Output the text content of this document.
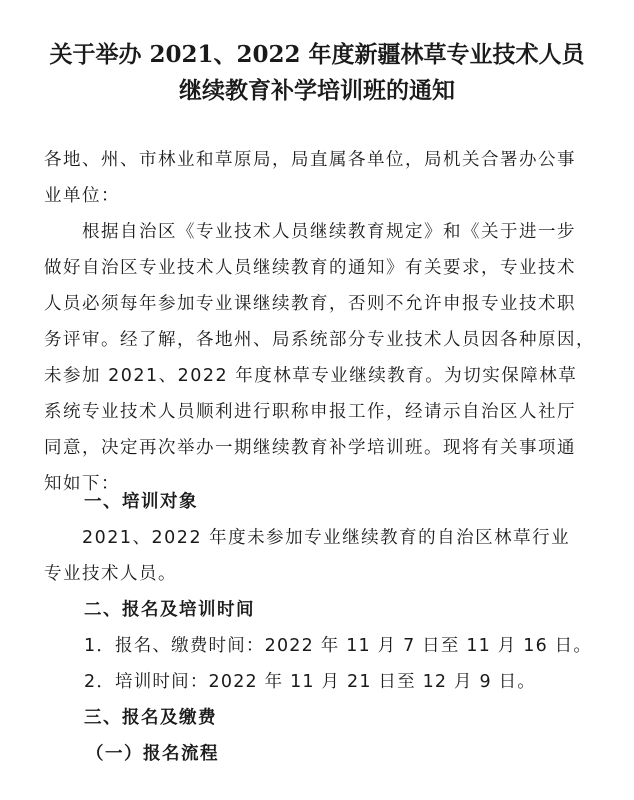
关于举办 2021、2022 年度新疆林草专业技术人员
继续教育补学培训班的通知
各地、州、市林业和草原局，局直属各单位，局机关合署办公事
业单位：
根据自治区《专业技术人员继续教育规定》和《关于进一步
做好自治区专业技术人员继续教育的通知》有关要求，专业技术
人员必须每年参加专业课继续教育，否则不允许申报专业技术职
务评审。经了解，各地州、局系统部分专业技术人员因各种原因，
未参加 2021、2022 年度林草专业继续教育。为切实保障林草
系统专业技术人员顺利进行职称申报工作，经请示自治区人社厅
同意，决定再次举办一期继续教育补学培训班。现将有关事项通
知如下：
一、培训对象
2021、2022 年度未参加专业继续教育的自治区林草行业
专业技术人员。
二、报名及培训时间

1．报名、缴费时间：2022 年 11 月 7 日至 11 月 16 日。

2．培训时间：2022 年 11 月 21 日至 12 月 9 日。

三、报名及缴费
（一）报名流程
